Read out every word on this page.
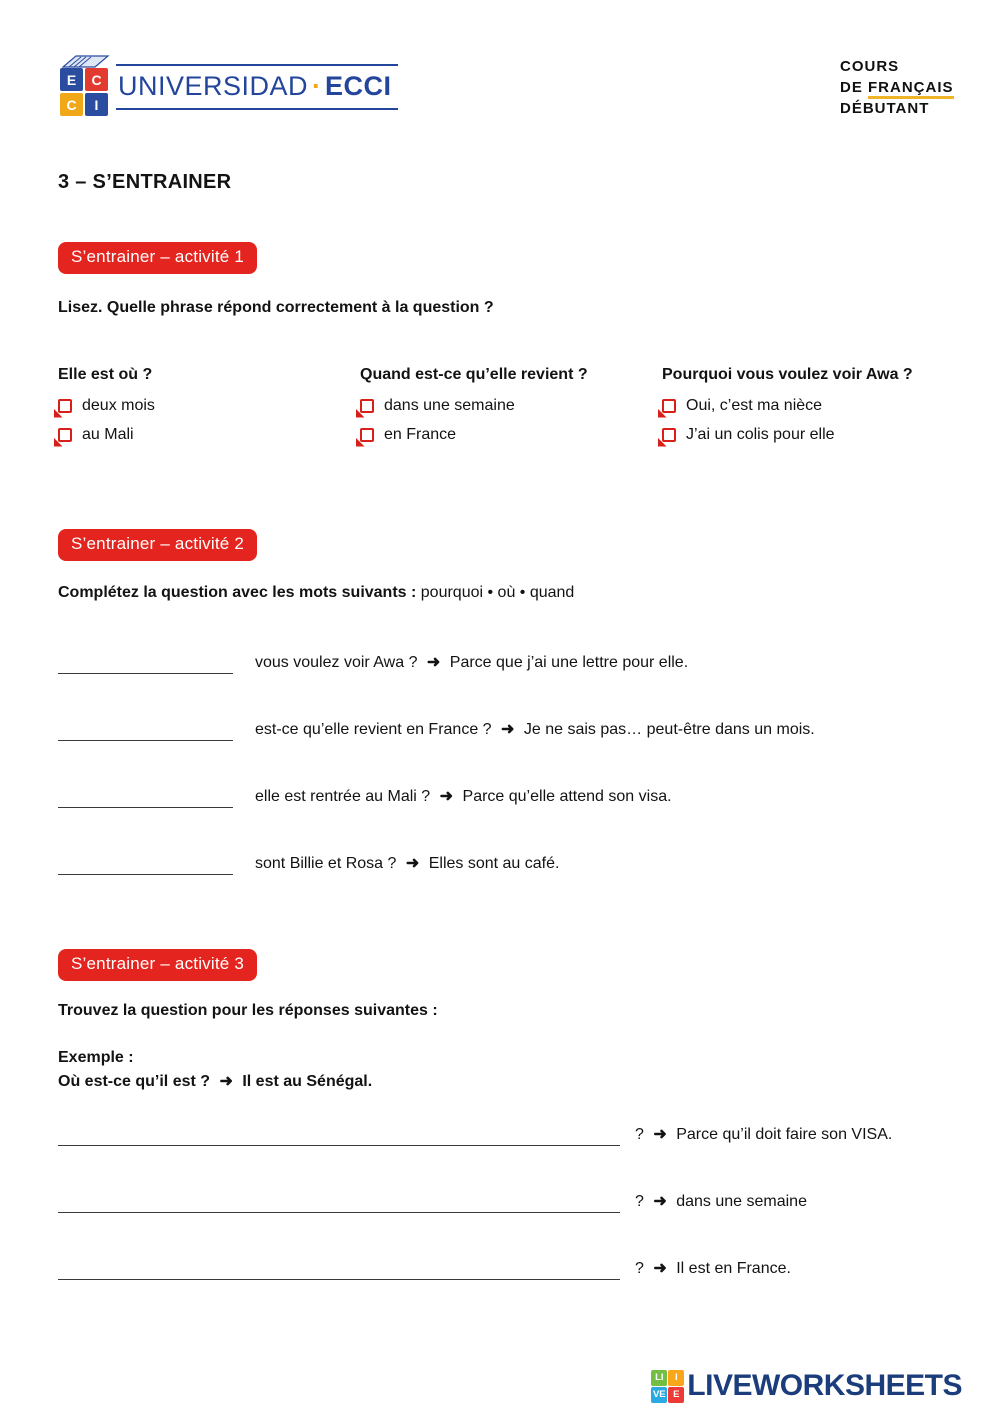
E	C
C	I
UNIVERSIDAD · ECCI
COURS
DE FRANÇAIS
DÉBUTANT
3 – S’ENTRAINER
S’entrainer – activité 1
Lisez. Quelle phrase répond correctement à la question ?
Elle est où ?
deux mois
au Mali
Quand est-ce qu’elle revient ?
dans une semaine
en France
Pourquoi vous voulez voir Awa ?
Oui, c’est ma nièce
J’ai un colis pour elle
S’entrainer – activité 2
Complétez la question avec les mots suivants : pourquoi • où • quand
vous voulez voir Awa ? ➜ Parce que j’ai une lettre pour elle.
est-ce qu’elle revient en France ? ➜ Je ne sais pas… peut-être dans un mois.
elle est rentrée au Mali ? ➜ Parce qu’elle attend son visa.
sont Billie et Rosa ? ➜ Elles sont au café.
S’entrainer – activité 3
Trouvez la question pour les réponses suivantes :
Exemple :
Où est-ce qu’il est ? ➜ Il est au Sénégal.
? ➜ Parce qu’il doit faire son VISA.
? ➜ dans une semaine
? ➜ Il est en France.
LI	I
VE E LIVEWORKSHEETS
